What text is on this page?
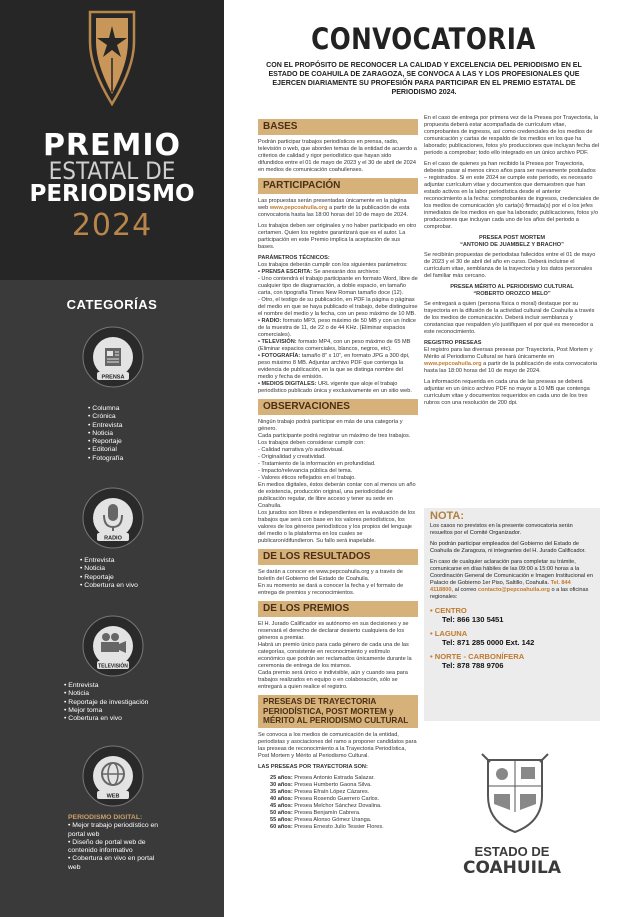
PREMIO
ESTATAL DE
PERIODISMO
2024
CATEGORÍAS
PRENSA
• Columna
• Crónica
• Entrevista
• Noticia
• Reportaje
• Editorial
• Fotografía
RADIO
• Entrevista
• Noticia
• Reportaje
• Cobertura en vivo
TELEVISIÓN
• Entrevista
• Noticia
• Reportaje de investigación
• Mejor toma
• Cobertura en vivo
WEB
PERIODISMO DIGITAL:
• Mejor trabajo periodístico en portal web
• Diseño de portal web de contenido informativo
• Cobertura en vivo en portal web
CONVOCATORIA
CON EL PROPÓSITO DE RECONOCER LA CALIDAD Y EXCELENCIA DEL PERIODISMO EN EL ESTADO DE COAHUILA DE ZARAGOZA, SE CONVOCA A LAS Y LOS PROFESIONALES QUE EJERCEN DIARIAMENTE SU PROFESIÓN PARA PARTICIPAR EN EL PREMIO ESTATAL DE PERIODISMO 2024.
BASES
Podrán participar trabajos periodísticos en prensa, radio, televisión o web, que aborden temas de la entidad de acuerdo a criterios de calidad y rigor periodístico que hayan sido difundidos entre el 01 de mayo de 2023 y el 30 de abril de 2024 en medios de comunicación coahuilenses.
PARTICIPACIÓN
Las propuestas serán presentadas únicamente en la página web www.pepcoahuila.org a partir de la publicación de esta convocatoria hasta las 18:00 horas del 10 de mayo de 2024.
Los trabajos deben ser originales y no haber participado en otro certamen. Quien los registre garantizará que es el autor. La participación en este Premio implica la aceptación de sus bases.
PARÁMETROS TÉCNICOS:
Los trabajos deberán cumplir con los siguientes parámetros:
• PRENSA ESCRITA: Se anexarán dos archivos:
- Uno contendrá el trabajo participante en formato Word, libre de cualquier tipo de diagramación, a doble espacio, en tamaño carta, con tipografía Times New Roman tamaño doce (12).
- Otro, el testigo de su publicación, en PDF la página o páginas del medio en que se haya publicado el trabajo, debe distinguirse el nombre del medio y la fecha, con un peso máximo de 10 MB.
• RADIO: formato MP3, peso máximo de 50 MB y con un índice de la muestra de 11, de 22 o de 44 KHz. (Eliminar espacios comerciales).
• TELEVISIÓN: formato MP4, con un peso máximo de 65 MB (Eliminar espacios comerciales, blancos, negros, etc).
• FOTOGRAFÍA: tamaño 8” x 10”, en formato JPG a 300 dpi, peso máximo 8 MB. Adjuntar archivo PDF que contenga la evidencia de publicación, en la que se distinga nombre del medio y fecha de emisión.
• MEDIOS DIGITALES: URL vigente que aloje el trabajo periodístico publicado única y exclusivamente en un sitio web.
OBSERVACIONES
Ningún trabajo podrá participar en más de una categoría y género.
Cada participante podrá registrar un máximo de tres trabajos.
Los trabajos deben considerar cumplir con:
- Calidad narrativa y/o audiovisual.
- Originalidad y creatividad.
- Tratamiento de la información en profundidad.
- Impacto/relevancia pública del tema.
- Valores éticos reflejados en el trabajo.
En medios digitales, éstos deberán contar con al menos un año de existencia, producción original, una periodicidad de publicación regular, de libre acceso y tener su sede en Coahuila.
Los jurados son libres e independientes en la evaluación de los trabajos que será con base en los valores periodísticos, los valores de los géneros periodísticos y los propios del lenguaje del medio o la plataforma en los cuales se publicaron/difundieron. Su fallo será inapelable.
DE LOS RESULTADOS
Se darán a conocer en www.pepcoahuila.org y a través de boletín del Gobierno del Estado de Coahuila.
En su momento se dará a conocer la fecha y el formato de entrega de premios y reconocimientos.
DE LOS PREMIOS
El H. Jurado Calificador es autónomo en sus decisiones y se reservará el derecho de declarar desierto cualquiera de los géneros a premiar.
Habrá un premio único para cada género de cada una de las categorías, consistente en reconocimiento y estímulo económico que podrán ser reclamados únicamente durante la ceremonia de entrega de los mismos.
Cada premio será único e indivisible, aún y cuando sea para trabajos realizados en equipo o en colaboración, sólo se entregará a quien realice el registro.
PRESEAS DE TRAYECTORIA PERIODÍSTICA, POST MORTEM y MÉRITO AL PERIODISMO CULTURAL
Se convoca a los medios de comunicación de la entidad, periodistas y asociaciones del ramo a proponer candidatos para las preseas de reconocimiento a la Trayectoria Periodística, Post Mortem y Mérito al Periodismo Cultural.
LAS PRESEAS POR TRAYECTORIA SON:
25 años: Presea Antonio Estrada Salazar.
30 años: Presea Humberto Gaona Silva.
35 años: Presea Efraín López Cázares.
40 años: Presea Rosendo Guerrero Carlos.
45 años: Presea Melchor Sánchez Dovalina.
50 años: Presea Benjamín Cabrera.
55 años: Presea Alonso Gómez Uranga.
60 años: Presea Ernesto Julio Tessier Flores.
En el caso de entrega por primera vez de la Presea por Trayectoria, la propuesta deberá estar acompañada de currículum vitae, comprobantes de ingresos, así como credenciales de los medios de comunicación y cartas de respaldo de los medios en los que ha laborado; publicaciones, fotos y/o producciones que incluyan fecha del periodo a comprobar; todo ello integrado en un único archivo PDF.
En el caso de quienes ya han recibido la Presea por Trayectoria, deberán pasar al menos cinco años para ser nuevamente postulados – registrados. Si en este 2024 se cumple este periodo, es necesario adjuntar currículum vitae y documentos que demuestren que han estado activos en la labor periodística desde el anterior reconocimiento a la fecha: comprobantes de ingresos, credenciales de los medios de comunicación y/o carta(s) firmada(s) por el o los jefes inmediatos de los medios en que ha laborado; publicaciones, fotos y/o producciones que incluyan cada uno de los años del periodo a comprobar.
PRESEA POST MORTEM
“ANTONIO DE JUAMBELZ Y BRACHO”
Se recibirán propuestas de periodistas fallecidos entre el 01 de mayo de 2023 y el 30 de abril del año en curso. Deberá incluirse el currículum vitae, semblanza de la trayectoria y los datos personales del familiar más cercano.
PRESEA MÉRITO AL PERIODISMO CULTURAL
“ROBERTO OROZCO MELO”
Se entregará a quien (persona física o moral) destaque por su trayectoria en la difusión de la actividad cultural de Coahuila a través de los medios de comunicación. Deberá incluir semblanza y constancias que respalden y/o justifiquen el por qué es merecedor a este reconocimiento.
REGISTRO PRESEAS
El registro para las diversas preseas por Trayectoria, Post Mortem y Mérito al Periodismo Cultural se hará únicamente en www.pepcoahuila.org a partir de la publicación de esta convocatoria hasta las 18:00 horas del 10 de mayo de 2024.
La información requerida en cada una de las preseas se deberá adjuntar en un único archivo PDF no mayor a 10 MB que contenga currículum vitae y documentos requeridos en cada uno de los tres rubros con una resolución de 200 dpi.
NOTA:
Los casos no previstos en la presente convocatoria serán resueltos por el Comité Organizador.
No podrán participar empleados del Gobierno del Estado de Coahuila de Zaragoza, ni integrantes del H. Jurado Calificador.
En caso de cualquier aclaración para completar su trámite, comunicarse en días hábiles de las 09:00 a 15:00 horas a la Coordinación General de Comunicación e Imagen Institucional en Palacio de Gobierno 1er Piso, Saltillo, Coahuila. Tel. 844 4118800, al correo contacto@pepcoahuila.org o a las oficinas regionales:
• CENTRO
Tel: 866 130 5451
• LAGUNA
Tel: 871 285 0000 Ext. 142
• NORTE - CARBONÍFERA
Tel: 878 788 9706
ESTADO DE
COAHUILA
